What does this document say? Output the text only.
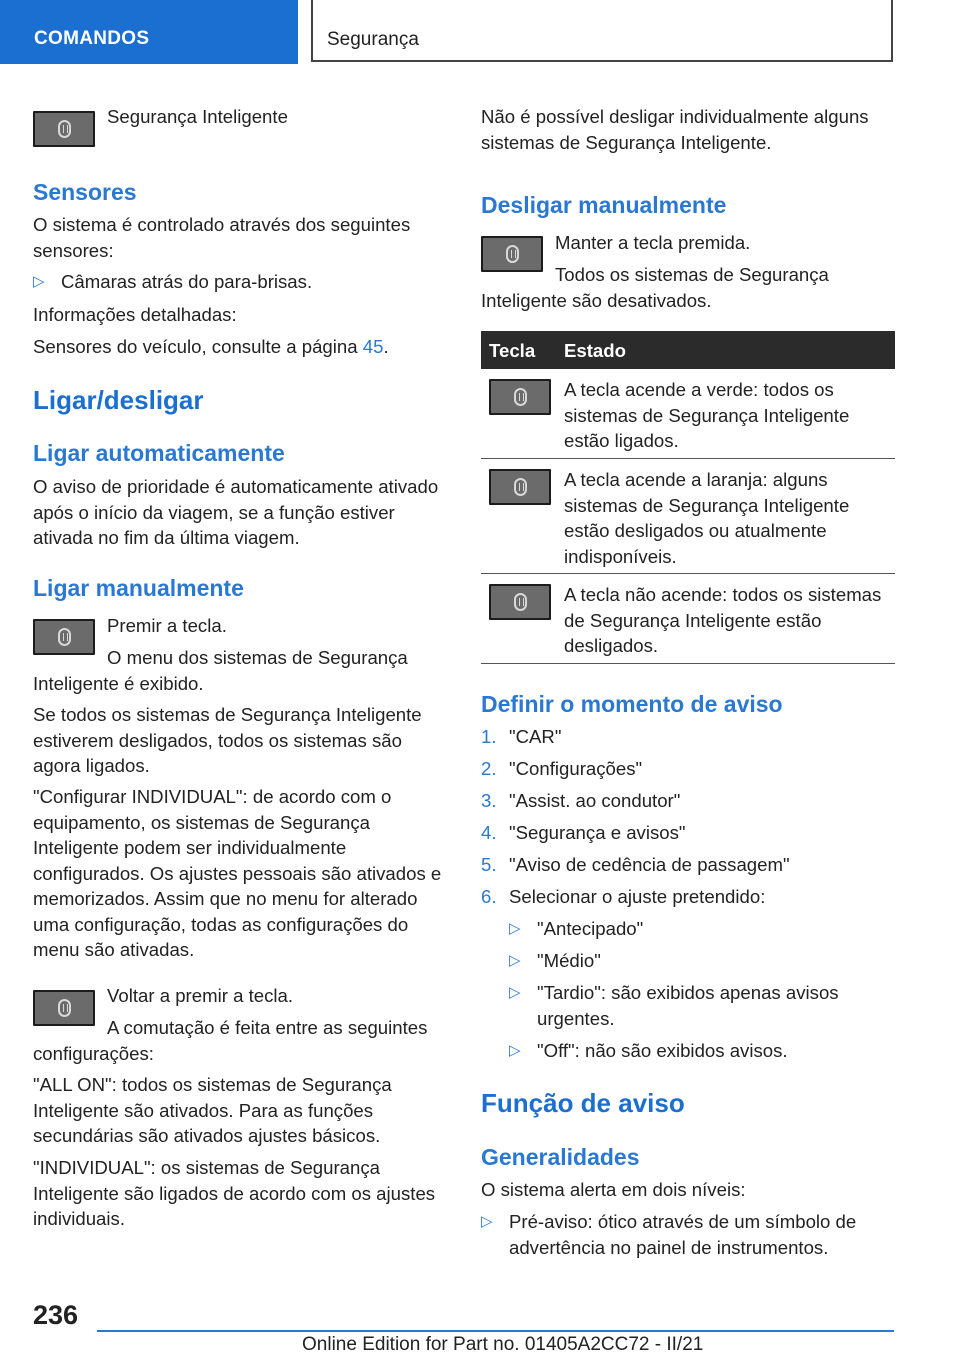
COMANDOS	Segurança

Segurança Inteligente

Sensores

O sistema é controlado através dos seguintes sensores:

▷ Câmaras atrás do para-brisas.

Informações detalhadas:

Sensores do veículo, consulte a página 45.

Ligar/desligar
Ligar automaticamente

O aviso de prioridade é automaticamente ativado após o início da viagem, se a função estiver ativada no fim da última viagem.

Ligar manualmente

Premir a tecla.

O menu dos sistemas de Segurança Inteligente é exibido.

Se todos os sistemas de Segurança Inteligente estiverem desligados, todos os sistemas são agora ligados.

"Configurar INDIVIDUAL": de acordo com o equipamento, os sistemas de Segurança Inteligente podem ser individualmente configurados. Os ajustes pessoais são ativados e memorizados. Assim que no menu for alterado uma configuração, todas as configurações do menu são ativadas.

Voltar a premir a tecla.

A comutação é feita entre as seguintes configurações:

"ALL ON": todos os sistemas de Segurança Inteligente são ativados. Para as funções secundárias são ativados ajustes básicos.

"INDIVIDUAL": os sistemas de Segurança Inteligente são ligados de acordo com os ajustes individuais.

Não é possível desligar individualmente alguns sistemas de Segurança Inteligente.

Desligar manualmente

Manter a tecla premida.

Todos os sistemas de Segurança Inteligente são desativados.

Tecla Estado

A tecla acende a verde: todos os sistemas de Segurança Inteligente estão ligados.

A tecla acende a laranja: alguns sistemas de Segurança Inteligente estão desligados ou atualmente indisponíveis.

A tecla não acende: todos os sistemas de Segurança Inteligente estão desligados.

Definir o momento de aviso
1. "CAR"

2. "Configurações"

3. "Assist. ao condutor"

4. "Segurança e avisos"

5. "Aviso de cedência de passagem"

6. Selecionar o ajuste pretendido:

▷ "Antecipado"

▷ "Médio"

▷ "Tardio": são exibidos apenas avisos urgentes.

▷ "Off": não são exibidos avisos.

Função de aviso
Generalidades

O sistema alerta em dois níveis:

▷ Pré-aviso: ótico através de um símbolo de advertência no painel de instrumentos.

236
Online Edition for Part no. 01405A2CC72 - II/21
